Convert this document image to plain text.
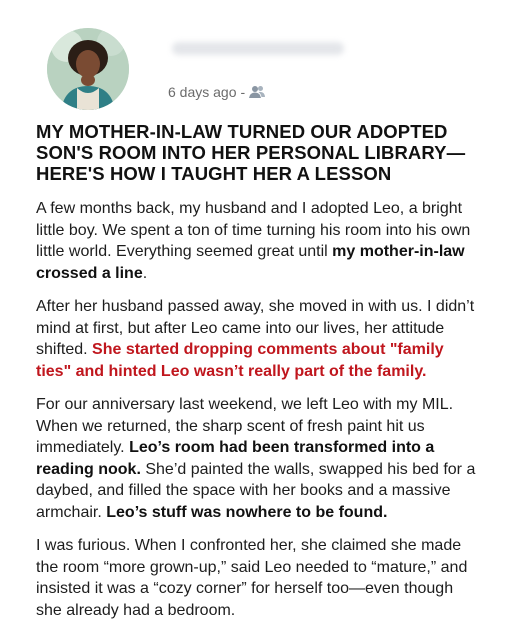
6 days ago -
MY MOTHER-IN-LAW TURNED OUR ADOPTED SON'S ROOM INTO HER PERSONAL LIBRARY—HERE'S HOW I TAUGHT HER A LESSON

A few months back, my husband and I adopted Leo, a bright little boy. We spent a ton of time turning his room into his own little world. Everything seemed great until my mother-in-law crossed a line.

After her husband passed away, she moved in with us. I didn’t mind at first, but after Leo came into our lives, her attitude shifted. She started dropping comments about "family ties" and hinted Leo wasn’t really part of the family.

For our anniversary last weekend, we left Leo with my MIL. When we returned, the sharp scent of fresh paint hit us immediately. Leo’s room had been transformed into a reading nook. She’d painted the walls, swapped his bed for a daybed, and filled the space with her books and a massive armchair. Leo’s stuff was nowhere to be found.

I was furious. When I confronted her, she claimed she made the room “more grown-up,” said Leo needed to “mature,” and insisted it was a “cozy corner” for herself too—even though she already had a bedroom.
